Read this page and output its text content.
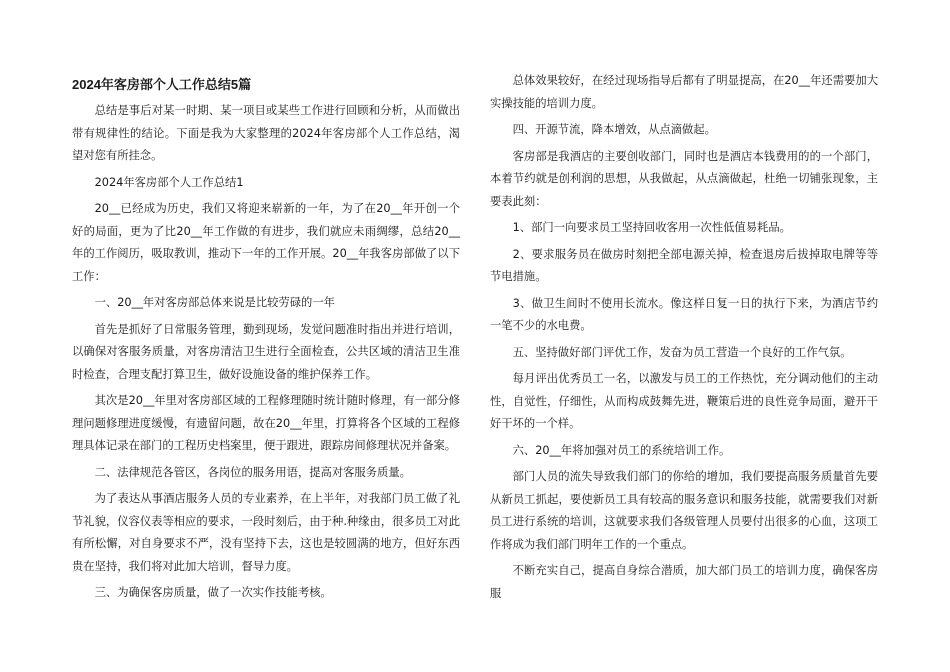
2024年客房部个人工作总结5篇

总结是事后对某一时期、某一项目或某些工作进行回顾和分析，从而做出带有规律性的结论。下面是我为大家整理的2024年客房部个人工作总结，渴望对您有所挂念。

2024年客房部个人工作总结1

20__已经成为历史，我们又将迎来崭新的一年，为了在20__年开创一个好的局面，更为了比20__年工作做的有进步，我们就应未雨绸缪，总结20__年的工作阅历，吸取教训，推动下一年的工作开展。20__年我客房部做了以下工作：

一、20__年对客房部总体来说是比较劳碌的一年

首先是抓好了日常服务管理，勤到现场，发觉问题准时指出并进行培训，以确保对客服务质量，对客房清洁卫生进行全面检查，公共区域的清洁卫生准时检查，合理支配打算卫生，做好设施设备的维护保养工作。

其次是20__年里对客房部区域的工程修理随时统计随时修理，有一部分修理问题修理进度缓慢，有遗留问题，故在20__年里，打算将各个区域的工程修理具体记录在部门的工程历史档案里，便于跟进，跟踪房间修理状况并备案。

二、法律规范各管区，各岗位的服务用语，提高对客服务质量。

为了表达从事酒店服务人员的专业素养，在上半年，对我部门员工做了礼节礼貌，仪容仪表等相应的要求，一段时刻后，由于种.种缘由，很多员工对此有所松懈，对自身要求不严，没有坚持下去，这也是较圆满的地方，但好东西贵在坚持，我们将对此加大培训，督导力度。

三、为确保客房质量，做了一次实作技能考核。

总体效果较好，在经过现场指导后都有了明显提高，在20__年还需要加大实操技能的培训力度。

四、开源节流，降本增效，从点滴做起。

客房部是我酒店的主要创收部门，同时也是酒店本钱费用的的一个部门，本着节约就是创利润的思想，从我做起，从点滴做起，杜绝一切铺张现象，主要表此刻：

1、部门一向要求员工坚持回收客用一次性低值易耗品。

2、要求服务员在做房时刻把全部电源关掉，检查退房后拔掉取电牌等等节电措施。

3、做卫生间时不使用长流水。像这样日复一日的执行下来，为酒店节约一笔不少的水电费。

五、坚持做好部门评优工作，发奋为员工营造一个良好的工作气氛。

每月评出优秀员工一名，以激发与员工的工作热忱，充分调动他们的主动性，自觉性，仔细性，从而构成鼓舞先进，鞭策后进的良性竞争局面，避开干好干坏的一个样。

六、20__年将加强对员工的系统培训工作。

部门人员的流失导致我们部门的你给的增加，我们要提高服务质量首先要从新员工抓起，要使新员工具有较高的服务意识和服务技能，就需要我们对新员工进行系统的培训，这就要求我们各级管理人员要付出很多的心血，这项工作将成为我们部门明年工作的一个重点。

不断充实自己，提高自身综合潜质，加大部门员工的培训力度，确保客房服
